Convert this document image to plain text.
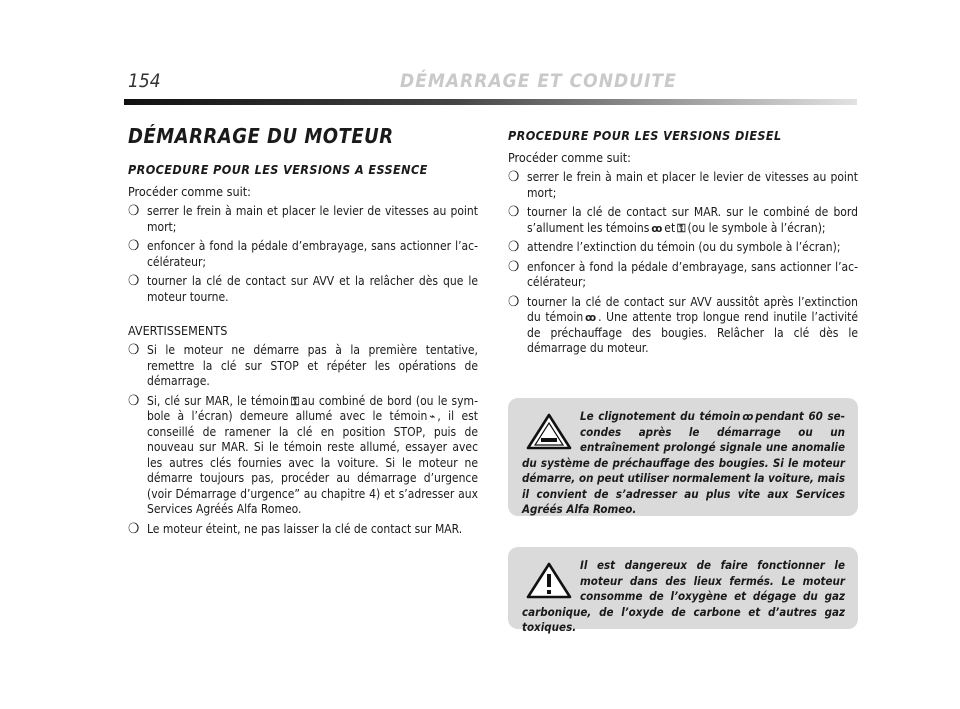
154	DÉMARRAGE ET CONDUITE
DÉMARRAGE DU MOTEUR
PROCEDURE POUR LES VERSIONS A ESSENCE

Procéder comme suit:

❍ serrer le frein à main et placer le levier de vitesses au point mort;
❍ enfoncer à fond la pédale d’embrayage, sans actionner l’accélérateur;
❍ tourner la clé de contact sur AVV et la relâcher dès que le moteur tourne.

AVERTISSEMENTS

❍ Si le moteur ne démarre pas à la première tentative, remettre la clé sur STOP et répéter les opérations de démarrage.
❍ Si, clé sur MAR, le témoin ⚿ au combiné de bord (ou le symbole à l’écran) demeure allumé avec le témoin ⌁ , il est conseillé de ramener la clé en position STOP, puis de nouveau sur MAR. Si le témoin reste allumé, essayer avec les autres clés fournies avec la voiture. Si le moteur ne démarre toujours pas, procéder au démarrage d’urgence (voir Démarrage d’urgence” au chapitre 4) et s’adresser aux Services Agréés Alfa Romeo.
❍ Le moteur éteint, ne pas laisser la clé de contact sur MAR.
PROCEDURE POUR LES VERSIONS DIESEL

Procéder comme suit:

❍ serrer le frein à main et placer le levier de vitesses au point mort;
❍ tourner la clé de contact sur MAR. sur le combiné de bord s’allument les témoins ꝏ et ⚿ (ou le symbole à l’écran);
❍ attendre l’extinction du témoin (ou du symbole à l’écran);
❍ enfoncer à fond la pédale d’embrayage, sans actionner l’accélérateur;
❍ tourner la clé de contact sur AVV aussitôt après l’extinction du témoin ꝏ . Une attente trop longue rend inutile l’activité de préchauffage des bougies. Relâcher la clé dès le démarrage du moteur.

Le clignotement du témoin ꝏ pendant 60 secondes après le démarrage ou un entraînement prolongé signale une anomalie du système de préchauffage des bougies. Si le moteur démarre, on peut utiliser normalement la voiture, mais il convient de s’adresser au plus vite aux Services Agréés Alfa Romeo.

Il est dangereux de faire fonctionner le moteur dans des lieux fermés. Le moteur consomme de l’oxygène et dégage du gaz carbonique, de l’oxyde de carbone et d’autres gaz toxiques.
